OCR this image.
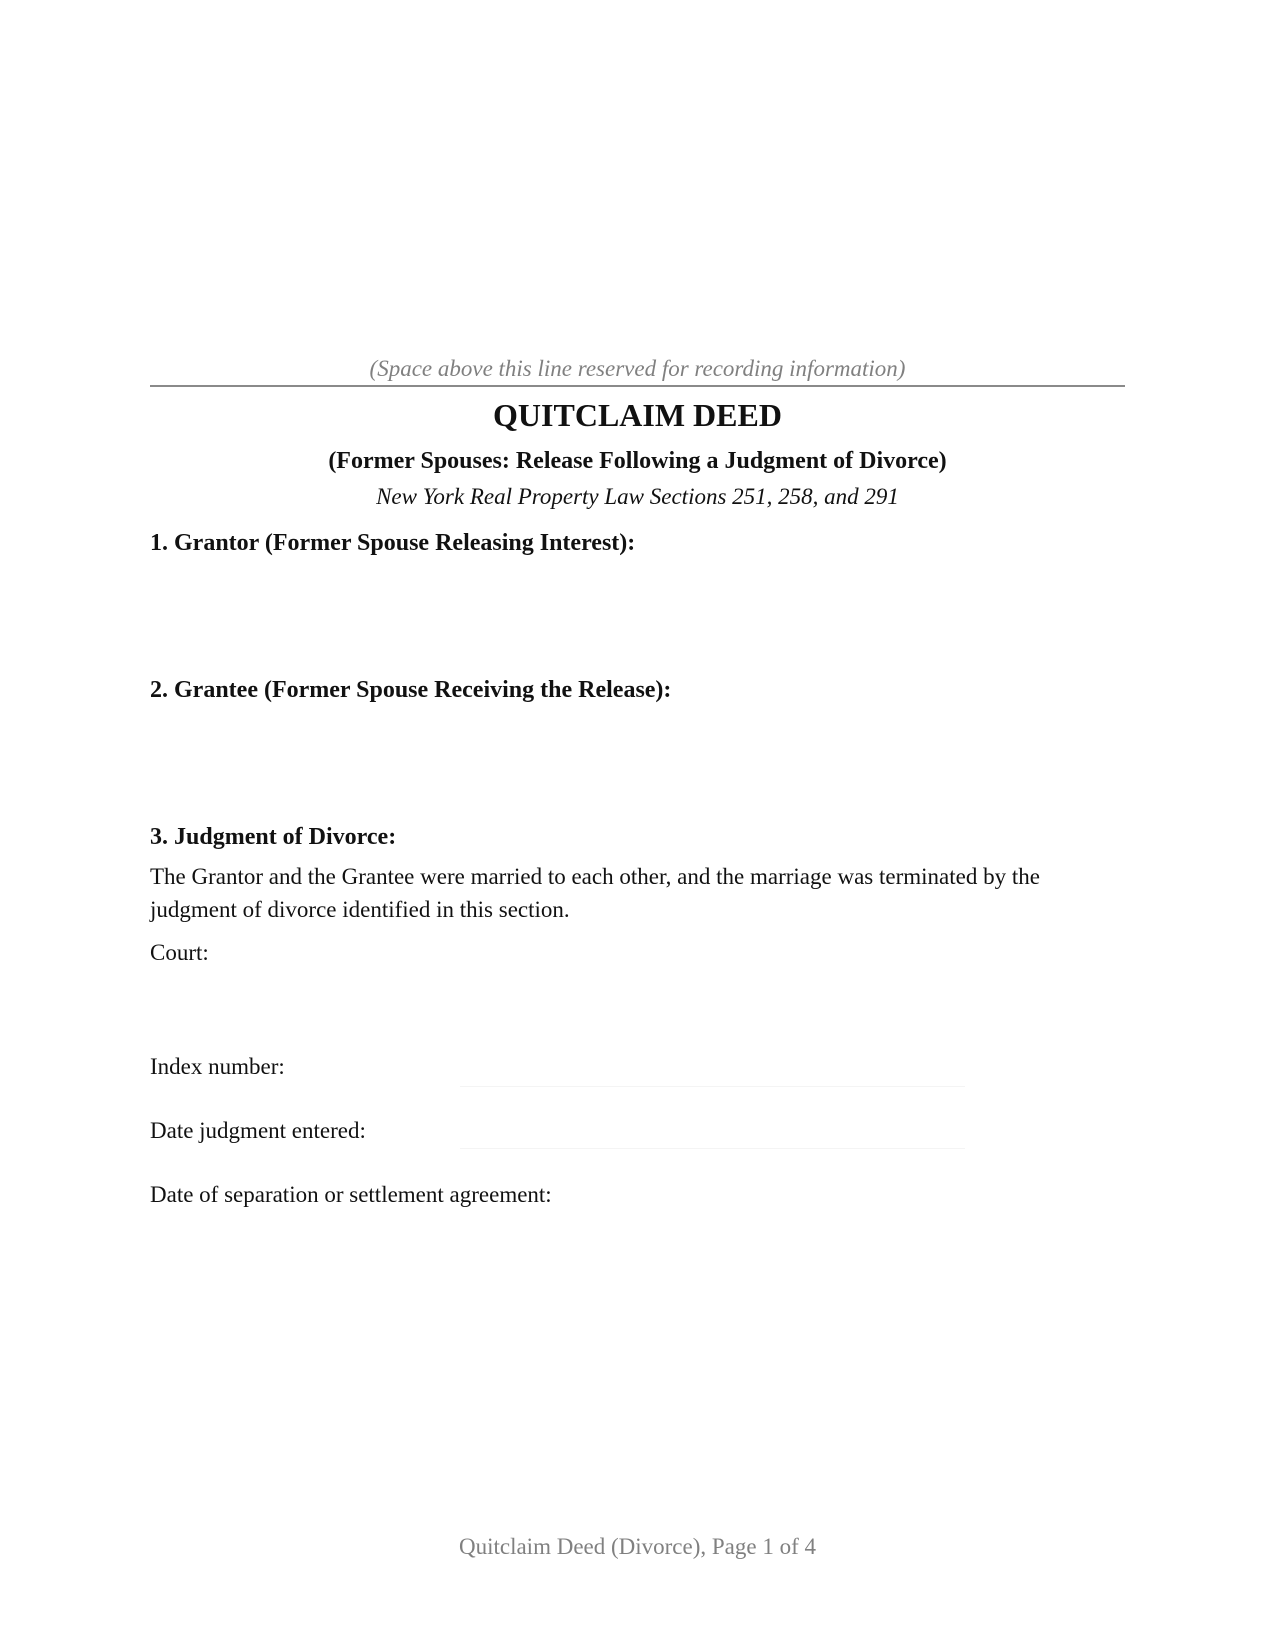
(Space above this line reserved for recording information)
QUITCLAIM DEED
(Former Spouses: Release Following a Judgment of Divorce)
New York Real Property Law Sections 251, 258, and 291
1. Grantor (Former Spouse Releasing Interest):
2. Grantee (Former Spouse Receiving the Release):
3. Judgment of Divorce:
The Grantor and the Grantee were married to each other, and the marriage was terminated by the judgment of divorce identified in this section.
Court:
Index number:
Date judgment entered:
Date of separation or settlement agreement:
Quitclaim Deed (Divorce), Page 1 of 4
